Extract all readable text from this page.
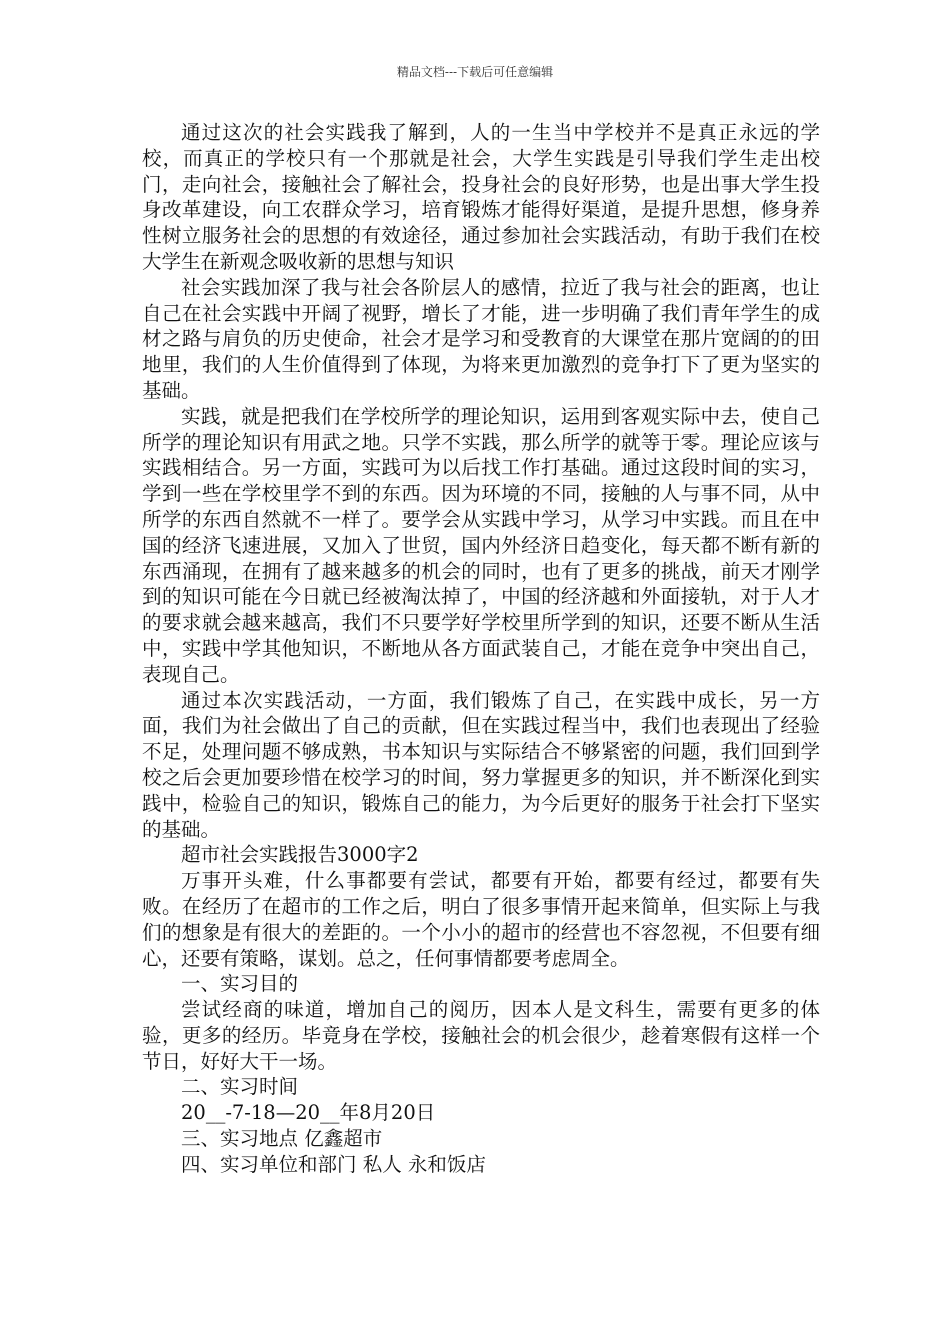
精品文档---下载后可任意编辑

通过这次的社会实践我了解到，人的一生当中学校并不是真正永远的学校，而真正的学校只有一个那就是社会，大学生实践是引导我们学生走出校门，走向社会，接触社会了解社会，投身社会的良好形势，也是出事大学生投身改革建设，向工农群众学习，培育锻炼才能得好渠道，是提升思想，修身养性树立服务社会的思想的有效途径，通过参加社会实践活动，有助于我们在校大学生在新观念吸收新的思想与知识

社会实践加深了我与社会各阶层人的感情，拉近了我与社会的距离，也让自己在社会实践中开阔了视野，增长了才能，进一步明确了我们青年学生的成材之路与肩负的历史使命，社会才是学习和受教育的大课堂在那片宽阔的的田地里，我们的人生价值得到了体现，为将来更加激烈的竞争打下了更为坚实的基础。

实践，就是把我们在学校所学的理论知识，运用到客观实际中去，使自己所学的理论知识有用武之地。只学不实践，那么所学的就等于零。理论应该与实践相结合。另一方面，实践可为以后找工作打基础。通过这段时间的实习，学到一些在学校里学不到的东西。因为环境的不同，接触的人与事不同，从中所学的东西自然就不一样了。要学会从实践中学习，从学习中实践。而且在中国的经济飞速进展，又加入了世贸，国内外经济日趋变化，每天都不断有新的东西涌现，在拥有了越来越多的机会的同时，也有了更多的挑战，前天才刚学到的知识可能在今日就已经被淘汰掉了，中国的经济越和外面接轨，对于人才的要求就会越来越高，我们不只要学好学校里所学到的知识，还要不断从生活中，实践中学其他知识，不断地从各方面武装自己，才能在竞争中突出自己，表现自己。

通过本次实践活动，一方面，我们锻炼了自己，在实践中成长，另一方面，我们为社会做出了自己的贡献，但在实践过程当中，我们也表现出了经验不足，处理问题不够成熟，书本知识与实际结合不够紧密的问题，我们回到学校之后会更加要珍惜在校学习的时间，努力掌握更多的知识，并不断深化到实践中，检验自己的知识，锻炼自己的能力，为今后更好的服务于社会打下坚实的基础。

超市社会实践报告3000字2

万事开头难，什么事都要有尝试，都要有开始，都要有经过，都要有失败。在经历了在超市的工作之后，明白了很多事情开起来简单，但实际上与我们的想象是有很大的差距的。一个小小的超市的经营也不容忽视，不但要有细心，还要有策略，谋划。总之，任何事情都要考虑周全。

一、实习目的

尝试经商的味道，增加自己的阅历，因本人是文科生，需要有更多的体验，更多的经历。毕竟身在学校，接触社会的机会很少，趁着寒假有这样一个节日，好好大干一场。

二、实习时间

20__-7-18—20__年8月20日

三、实习地点 亿鑫超市

四、实习单位和部门 私人 永和饭店
